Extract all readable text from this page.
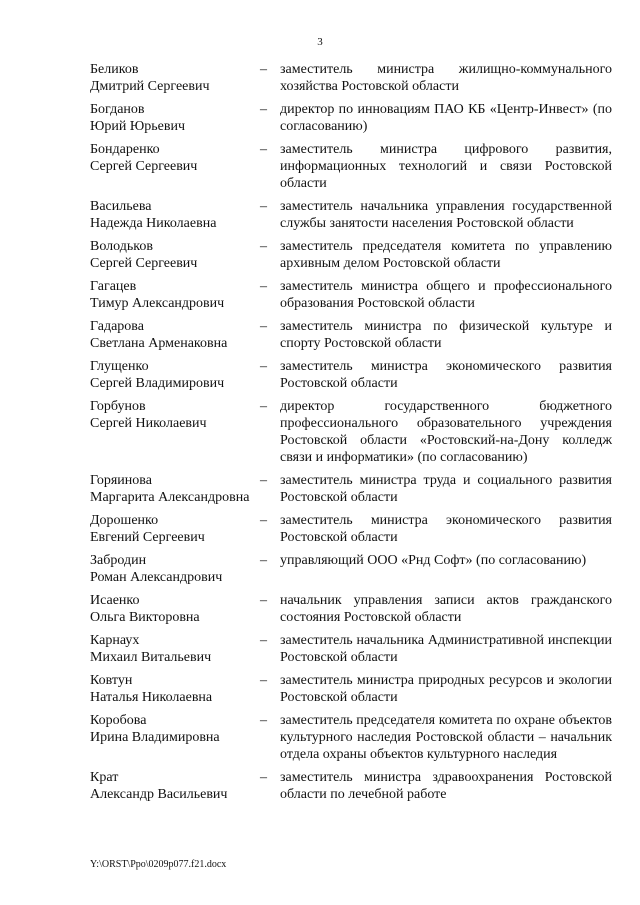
3
Беликов
Дмитрий Сергеевич
– заместитель министра жилищно-коммунального хозяйства Ростовской области
Богданов
Юрий Юрьевич
– директор по инновациям ПАО КБ «Центр-Инвест» (по согласованию)
Бондаренко
Сергей Сергеевич
– заместитель министра цифрового развития, информационных технологий и связи Ростовской области
Васильева
Надежда Николаевна
– заместитель начальника управления государственной службы занятости населения Ростовской области
Володьков
Сергей Сергеевич
– заместитель председателя комитета по управлению архивным делом Ростовской области
Гагацев
Тимур Александрович
– заместитель министра общего и профессионального образования Ростовской области
Гадарова
Светлана Арменаковна
– заместитель министра по физической культуре и спорту Ростовской области
Глущенко
Сергей Владимирович
– заместитель министра экономического развития Ростовской области
Горбунов
Сергей Николаевич
– директор государственного бюджетного профессионального образовательного учреждения Ростовской области «Ростовский-на-Дону колледж связи и информатики» (по согласованию)
Горяинова
Маргарита Александровна
– заместитель министра труда и социального развития Ростовской области
Дорошенко
Евгений Сергеевич
– заместитель министра экономического развития Ростовской области
Забродин
Роман Александрович
– управляющий ООО «Рнд Софт» (по согласованию)
Исаенко
Ольга Викторовна
– начальник управления записи актов гражданского состояния Ростовской области
Карнаух
Михаил Витальевич
– заместитель начальника Административной инспекции Ростовской области
Ковтун
Наталья Николаевна
– заместитель министра природных ресурсов и экологии Ростовской области
Коробова
Ирина Владимировна
– заместитель председателя комитета по охране объектов культурного наследия Ростовской области – начальник отдела охраны объектов культурного наследия
Крат
Александр Васильевич
– заместитель министра здравоохранения Ростовской области по лечебной работе
Y:\ORST\Ppo\0209p077.f21.docx
